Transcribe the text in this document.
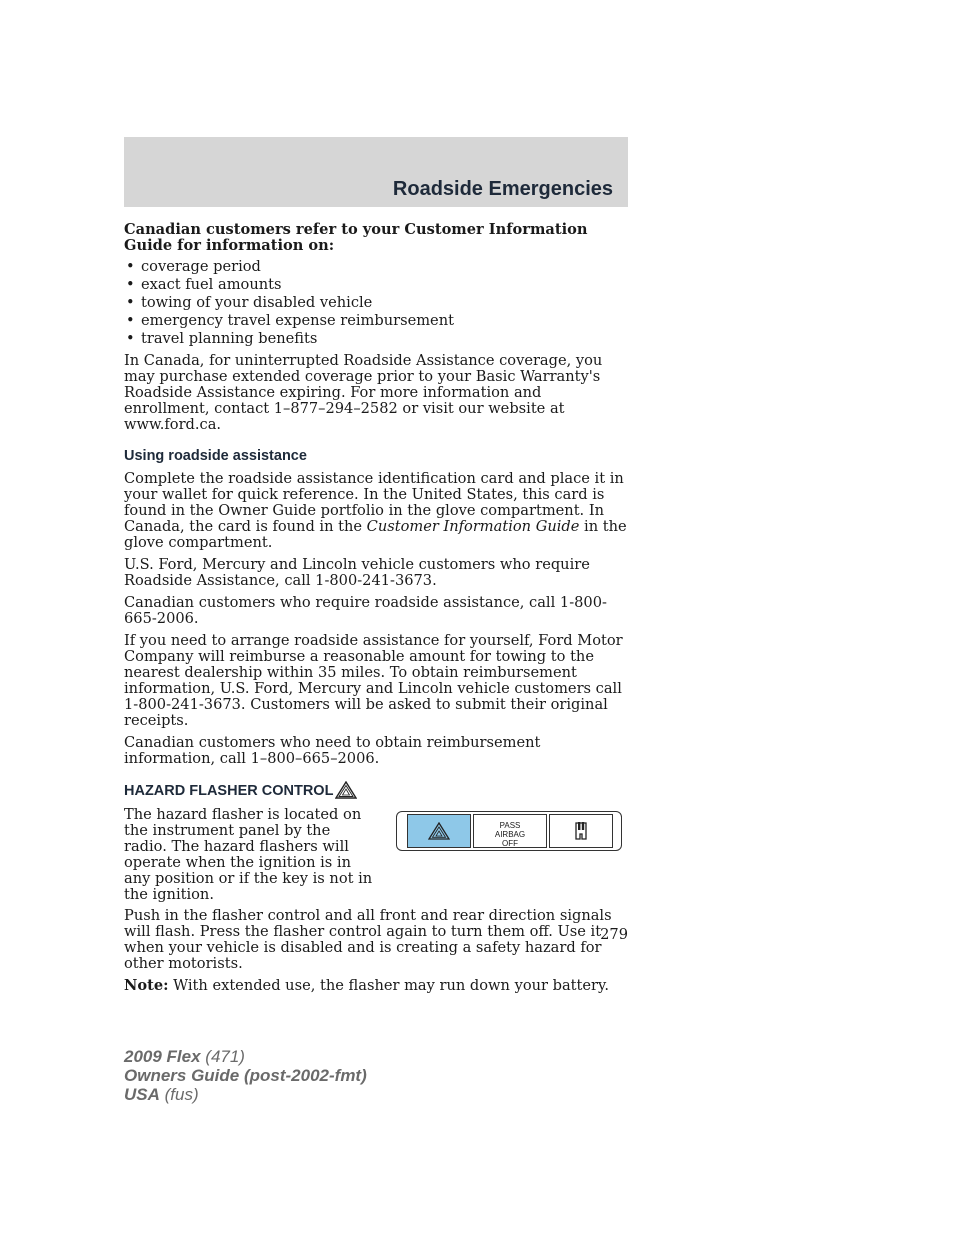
Roadside Emergencies

Canadian customers refer to your Customer Information Guide for information on:

• coverage period
• exact fuel amounts
• towing of your disabled vehicle
• emergency travel expense reimbursement
• travel planning benefits

In Canada, for uninterrupted Roadside Assistance coverage, you may purchase extended coverage prior to your Basic Warranty's Roadside Assistance expiring. For more information and enrollment, contact 1–877–294–2582 or visit our website at www.ford.ca.

Using roadside assistance

Complete the roadside assistance identification card and place it in your wallet for quick reference. In the United States, this card is found in the Owner Guide portfolio in the glove compartment. In Canada, the card is found in the Customer Information Guide in the glove compartment.

U.S. Ford, Mercury and Lincoln vehicle customers who require Roadside Assistance, call 1-800-241-3673.

Canadian customers who require roadside assistance, call 1-800-665-2006.

If you need to arrange roadside assistance for yourself, Ford Motor Company will reimburse a reasonable amount for towing to the nearest dealership within 35 miles. To obtain reimbursement information, U.S. Ford, Mercury and Lincoln vehicle customers call 1-800-241-3673. Customers will be asked to submit their original receipts.

Canadian customers who need to obtain reimbursement information, call 1–800–665–2006.

HAZARD FLASHER CONTROL

The hazard flasher is located on the instrument panel by the radio. The hazard flashers will operate when the ignition is in any position or if the key is not in the ignition.

PASS
AIRBAG
OFF

Push in the flasher control and all front and rear direction signals will flash. Press the flasher control again to turn them off. Use it when your vehicle is disabled and is creating a safety hazard for other motorists.

Note: With extended use, the flasher may run down your battery.

279
2009 Flex (471)
Owners Guide (post-2002-fmt)
USA (fus)
